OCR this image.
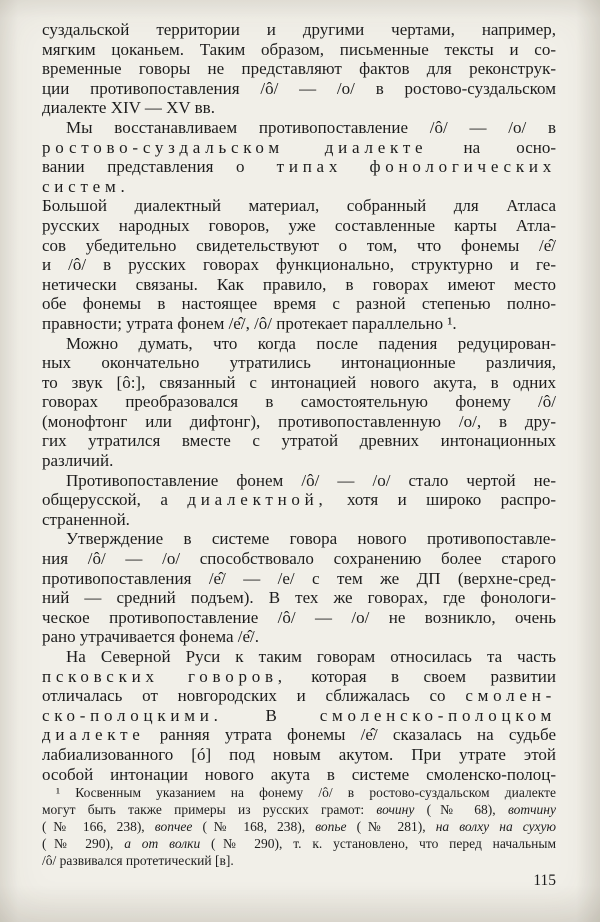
суздальской территории и другими чертами, например,
мягким цоканьем. Таким образом, письменные тексты и со-
временные говоры не представляют фактов для реконструк-
ции противопоставления /ô/ — /о/ в ростово-суздальском
диалекте XIV — XV вв.
Мы восстанавливаем противопоставление /ô/ — /о/ в
ростово-суздальском диалекте на осно-
вании представления о типах фонологических систем.
Большой диалектный материал, собранный для Атласа
русских народных говоров, уже составленные карты Атла-
сов убедительно свидетельствуют о том, что фонемы /е̂/
и /ô/ в русских говорах функционально, структурно и ге-
нетически связаны. Как правило, в говорах имеют место
обе фонемы в настоящее время с разной степенью полно-
правности; утрата фонем /е̂/, /ô/ протекает параллельно ¹.
Можно думать, что когда после падения редуцирован-
ных окончательно утратились интонационные различия,
то звук [ô:], связанный с интонацией нового акута, в одних
говорах преобразовался в самостоятельную фонему /ô/
(монофтонг или дифтонг), противопоставленную /о/, в дру-
гих утратился вместе с утратой древних интонационных
различий.
Противопоставление фонем /ô/ — /о/ стало чертой не-
общерусской, а диалектной, хотя и широко распро-
страненной.
Утверждение в системе говора нового противопоставле-
ния /ô/ — /о/ способствовало сохранению более старого
противопоставления /е̂/ — /е/ с тем же ДП (верхне-сред-
ний — средний подъем). В тех же говорах, где фонологи-
ческое противопоставление /ô/ — /о/ не возникло, очень
рано утрачивается фонема /е̂/.
На Северной Руси к таким говорам относилась та часть
псковских говоров, которая в своем развитии
отличалась от новгородских и сближалась со смолен-
ско-полоцкими. В смоленско-полоцком
диалекте ранняя утрата фонемы /е̂/ сказалась на судьбе
лабиализованного [ó] под новым акутом. При утрате этой
особой интонации нового акута в системе смоленско-полоц-
¹ Косвенным указанием на фонему /ô/ в ростово-суздальском диалекте
могут быть также примеры из русских грамот: вочину (№ 68), вотчину
(№ 166, 238), вопчее (№ 168, 238), вопье (№ 281), на волху на сухую
(№ 290), а от волки (№ 290), т. к. установлено, что перед начальным
/ô/ развивался протетический [в].
115
